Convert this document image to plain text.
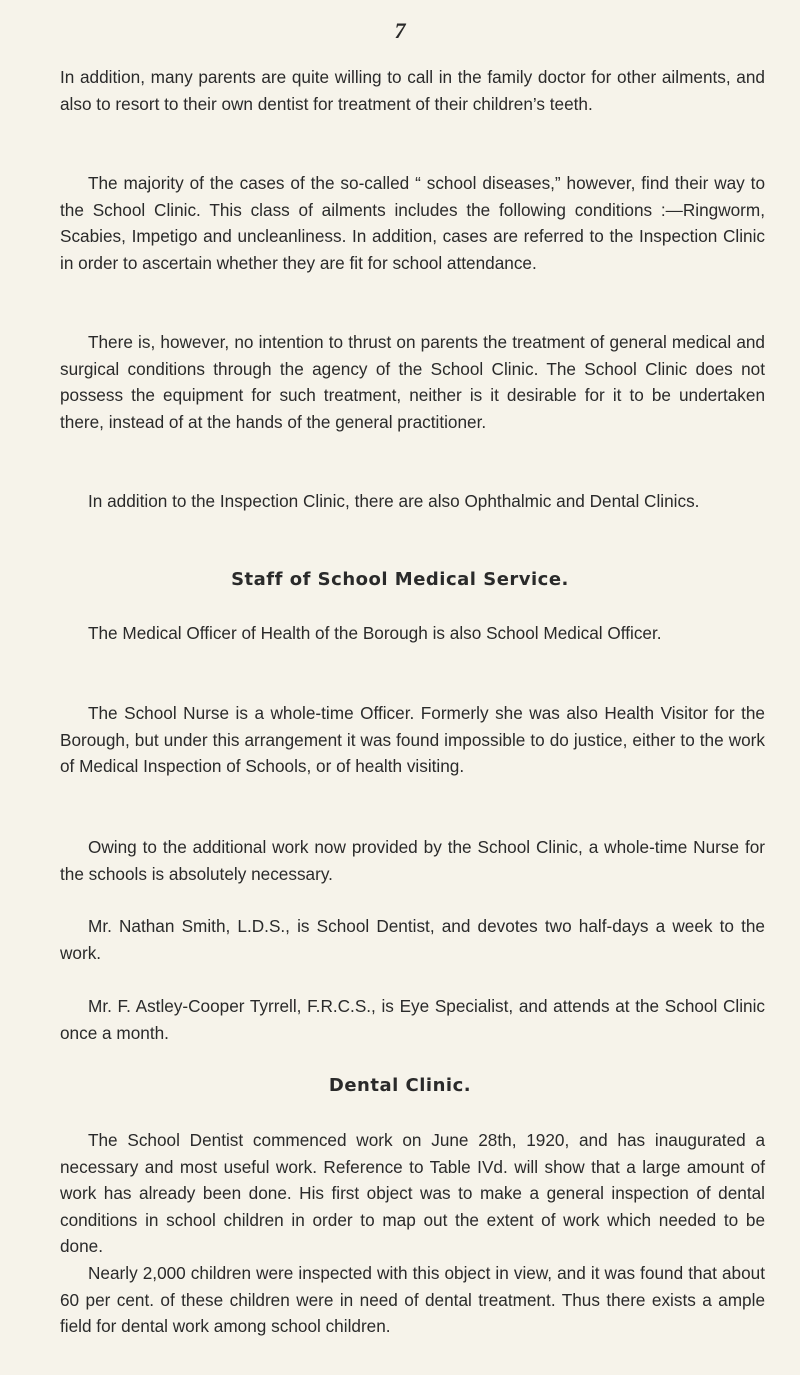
7

In addition, many parents are quite willing to call in the family doctor for other ailments, and also to resort to their own dentist for treatment of their children’s teeth.

The majority of the cases of the so-called “ school diseases,” however, find their way to the School Clinic. This class of ailments includes the following conditions :—Ringworm, Scabies, Impetigo and uncleanliness. In addition, cases are referred to the Inspection Clinic in order to ascertain whether they are fit for school attendance.

There is, however, no intention to thrust on parents the treatment of general medical and surgical conditions through the agency of the School Clinic. The School Clinic does not possess the equipment for such treatment, neither is it desirable for it to be undertaken there, instead of at the hands of the general practitioner.

In addition to the Inspection Clinic, there are also Ophthalmic and Dental Clinics.

Staff of School Medical Service.

The Medical Officer of Health of the Borough is also School Medical Officer.

The School Nurse is a whole-time Officer. Formerly she was also Health Visitor for the Borough, but under this arrangement it was found impossible to do justice, either to the work of Medical Inspection of Schools, or of health visiting.

Owing to the additional work now provided by the School Clinic, a whole-time Nurse for the schools is absolutely necessary.

Mr. Nathan Smith, L.D.S., is School Dentist, and devotes two half-days a week to the work.

Mr. F. Astley-Cooper Tyrrell, F.R.C.S., is Eye Specialist, and attends at the School Clinic once a month.

Dental Clinic.

The School Dentist commenced work on June 28th, 1920, and has inaugurated a necessary and most useful work. Reference to Table IVd. will show that a large amount of work has already been done. His first object was to make a general inspection of dental conditions in school children in order to map out the extent of work which needed to be done.

Nearly 2,000 children were inspected with this object in view, and it was found that about 60 per cent. of these children were in need of dental treatment. Thus there exists a ample field for dental work among school children.
